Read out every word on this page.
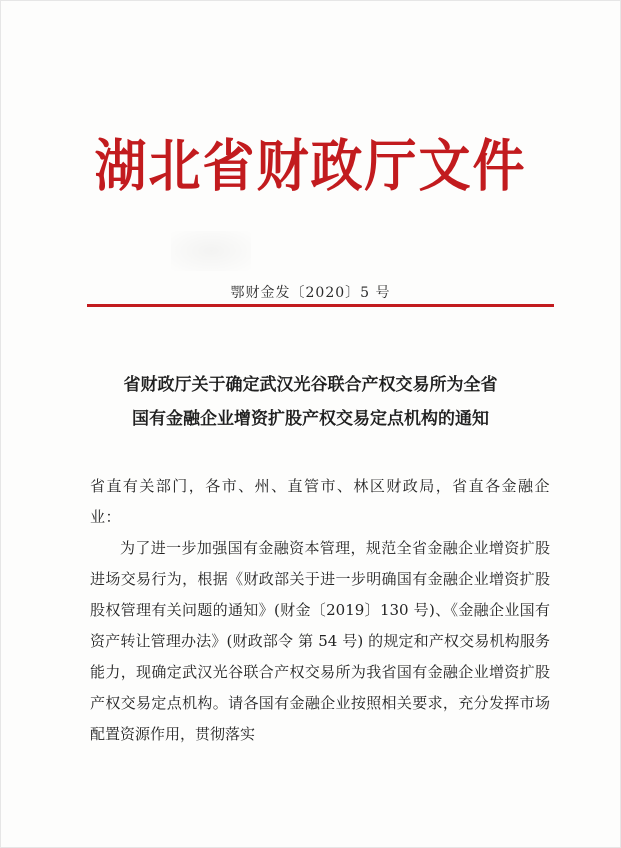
湖北省财政厅文件
鄂财金发〔2020〕5 号
省财政厅关于确定武汉光谷联合产权交易所为全省
国有金融企业增资扩股产权交易定点机构的通知

省直有关部门，各市、州、直管市、林区财政局，省直各金融企业：

为了进一步加强国有金融资本管理，规范全省金融企业增资扩股进场交易行为，根据《财政部关于进一步明确国有金融企业增资扩股股权管理有关问题的通知》(财金〔2019〕130 号)、《金融企业国有资产转让管理办法》(财政部令 第 54 号) 的规定和产权交易机构服务能力，现确定武汉光谷联合产权交易所为我省国有金融企业增资扩股产权交易定点机构。请各国有金融企业按照相关要求，充分发挥市场配置资源作用，贯彻落实
